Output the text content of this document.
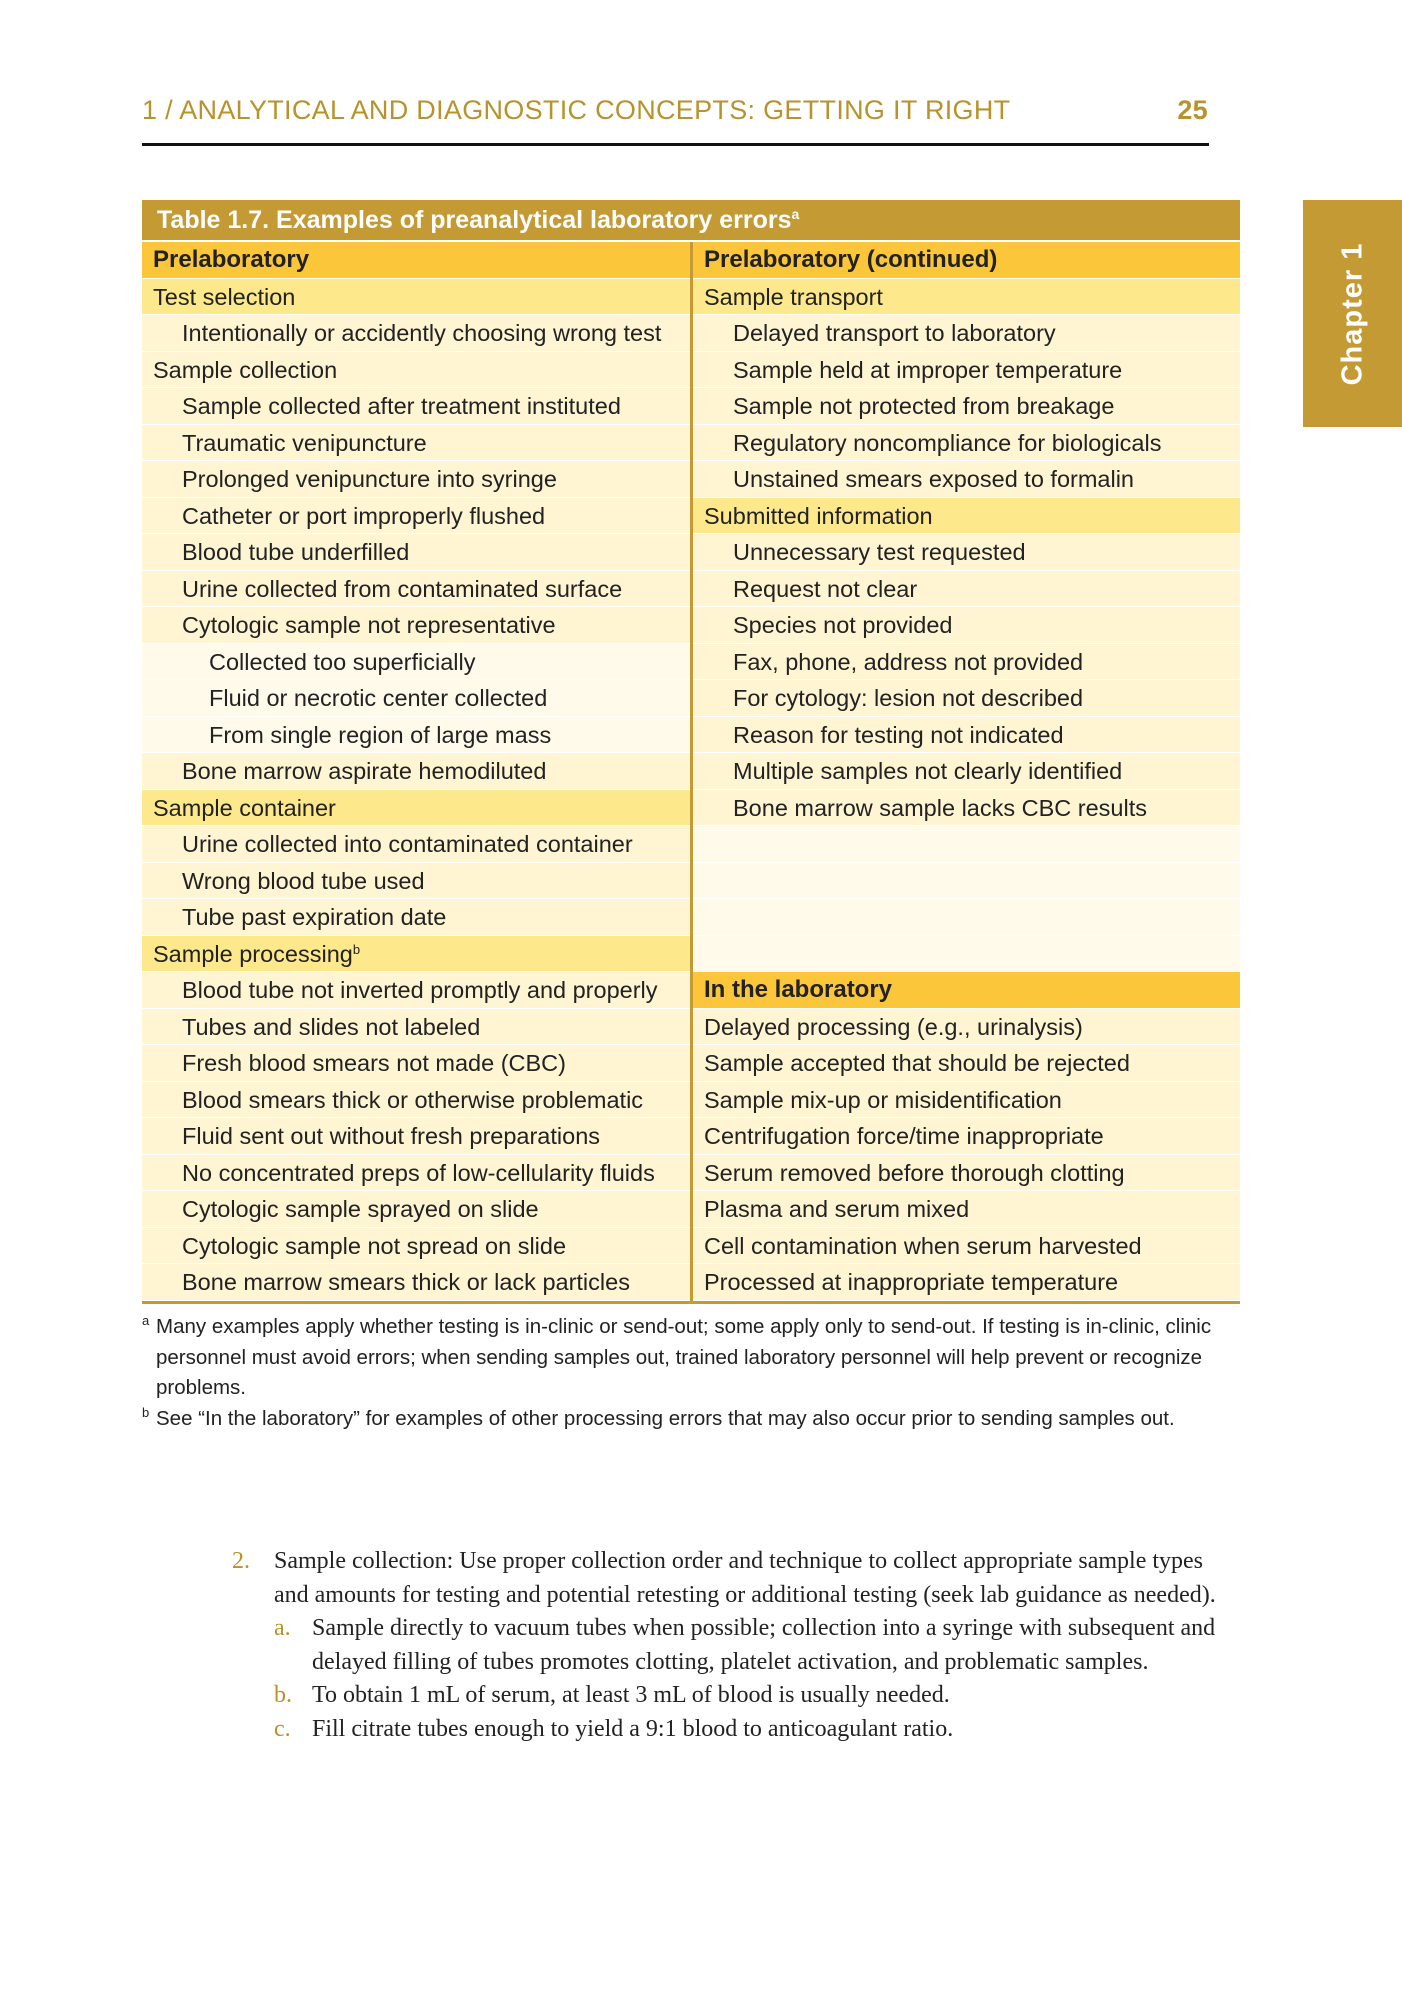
1 / ANALYTICAL AND DIAGNOSTIC CONCEPTS: GETTING IT RIGHT	25
Chapter 1
Table 1.7. Examples of preanalytical laboratory errors$^a$
Prelaboratory
Test selection
Intentionally or accidently choosing wrong test
Sample collection
Sample collected after treatment instituted
Traumatic venipuncture
Prolonged venipuncture into syringe
Catheter or port improperly flushed
Blood tube underfilled
Urine collected from contaminated surface
Cytologic sample not representative
Collected too superficially
Fluid or necrotic center collected
From single region of large mass
Bone marrow aspirate hemodiluted
Sample container
Urine collected into contaminated container
Wrong blood tube used
Tube past expiration date
Sample processing$^b$
Blood tube not inverted promptly and properly
Tubes and slides not labeled
Fresh blood smears not made (CBC)
Blood smears thick or otherwise problematic
Fluid sent out without fresh preparations
No concentrated preps of low-cellularity fluids
Cytologic sample sprayed on slide
Cytologic sample not spread on slide
Bone marrow smears thick or lack particles
Prelaboratory (continued)
Sample transport
Delayed transport to laboratory
Sample held at improper temperature
Sample not protected from breakage
Regulatory noncompliance for biologicals
Unstained smears exposed to formalin
Submitted information
Unnecessary test requested
Request not clear
Species not provided
Fax, phone, address not provided
For cytology: lesion not described
Reason for testing not indicated
Multiple samples not clearly identified
Bone marrow sample lacks CBC results
In the laboratory
Delayed processing (e.g., urinalysis)
Sample accepted that should be rejected
Sample mix-up or misidentification
Centrifugation force/time inappropriate
Serum removed before thorough clotting
Plasma and serum mixed
Cell contamination when serum harvested
Processed at inappropriate temperature
a Many examples apply whether testing is in-clinic or send-out; some apply only to send-out. If testing is in-clinic, clinic personnel must avoid errors; when sending samples out, trained laboratory personnel will help prevent or recognize problems.
b See “In the laboratory” for examples of other processing errors that may also occur prior to sending samples out.
2. Sample collection: Use proper collection order and technique to collect appropriate sample types and amounts for testing and potential retesting or additional testing (seek lab guidance as needed).
a. Sample directly to vacuum tubes when possible; collection into a syringe with subsequent and delayed filling of tubes promotes clotting, platelet activation, and problematic samples.
b. To obtain 1 mL of serum, at least 3 mL of blood is usually needed.
c. Fill citrate tubes enough to yield a 9:1 blood to anticoagulant ratio.
